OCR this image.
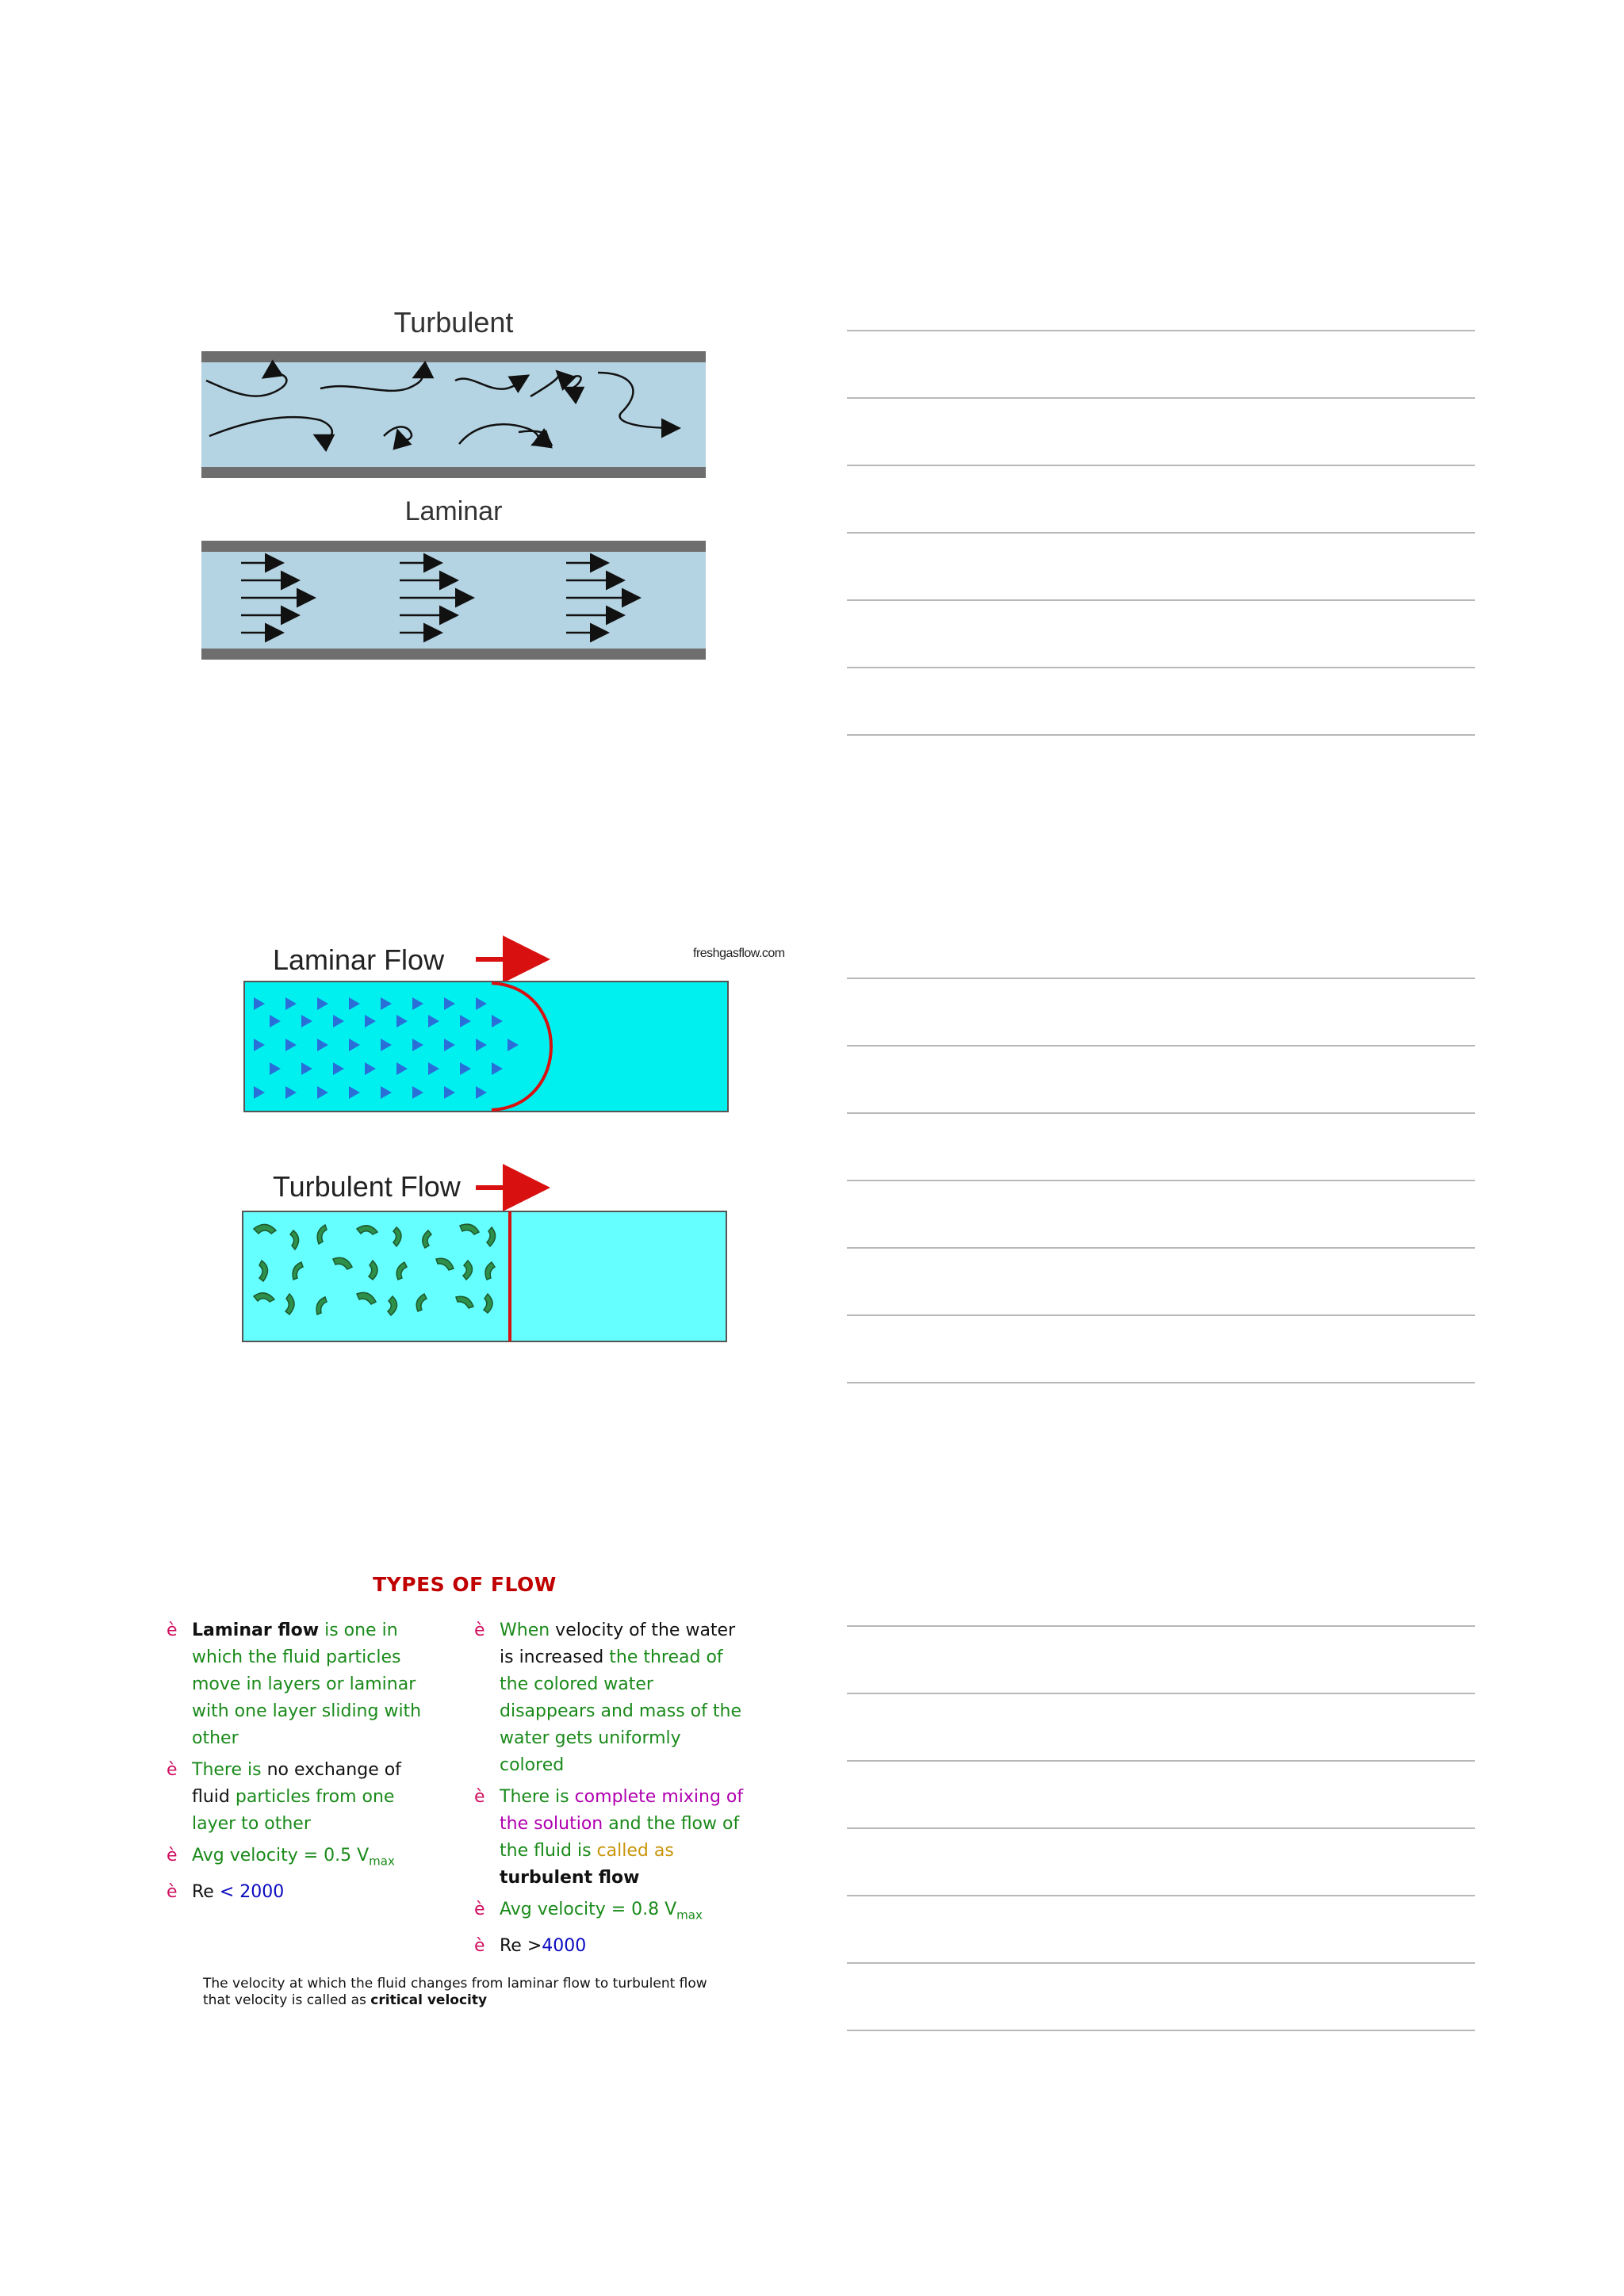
Turbulent
Laminar
Laminar Flow	freshgasflow.com
Turbulent Flow
TYPES OF FLOW
è Laminar flow is one in which the fluid particles move in layers or laminar with one layer sliding with other
è There is no exchange of fluid particles from one layer to other
è Avg velocity = 0.5 $V_{max}$
è Re < 2000
è When velocity of the water is increased the thread of the colored water disappears and mass of the water gets uniformly colored
è There is complete mixing of the solution and the flow of the fluid is called as
turbulent flow
è Avg velocity = 0.8 $V_{max}$
è Re >4000
The velocity at which the fluid changes from laminar flow to turbulent flow that velocity is called as critical velocity
